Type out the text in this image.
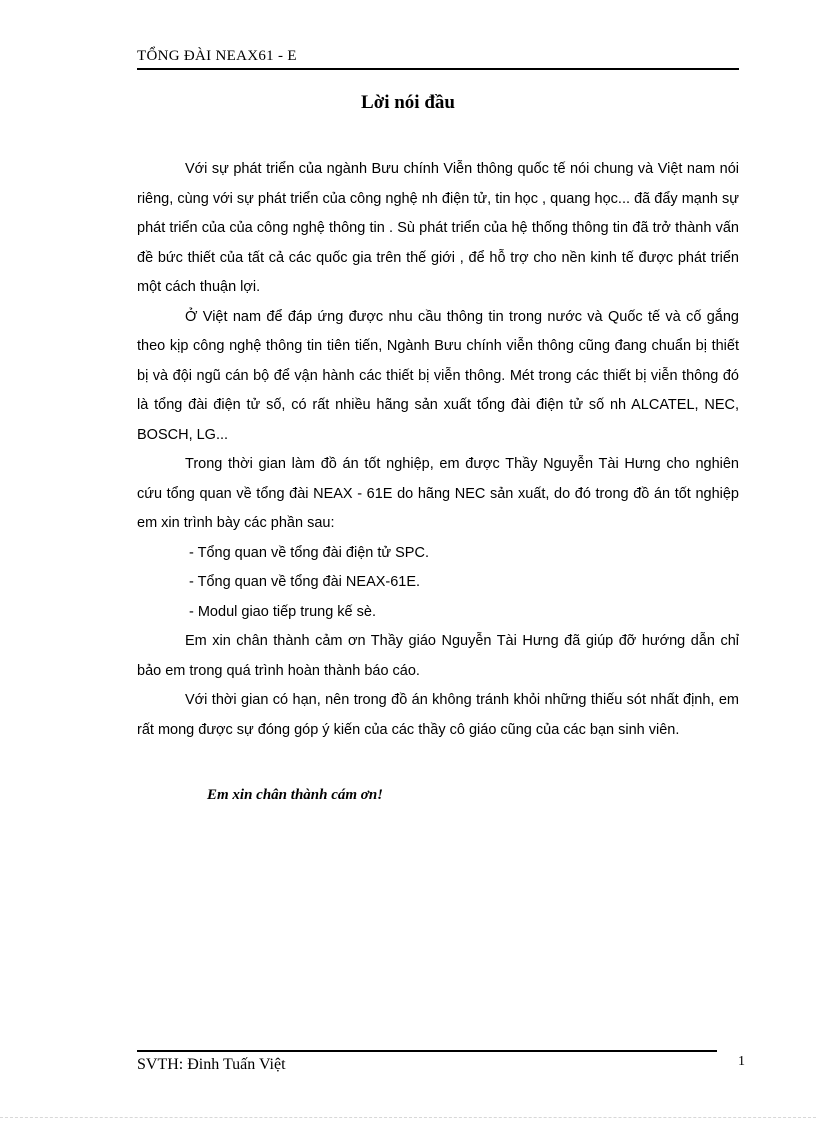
TỔNG ĐÀI NEAX61 - E
Lời nói đầu

Với sự phát triển của ngành Bưu chính Viễn thông quốc tế nói chung và Việt nam nói riêng, cùng với sự phát triển của công nghệ nh điện tử, tin học , quang học... đã đẩy mạnh sự phát triển của của công nghệ thông tin . Sù phát triển của hệ thống thông tin đã trở thành vấn đề bức thiết của tất cả các quốc gia trên thế giới , để hỗ trợ cho nền kinh tế được phát triển một cách thuận lợi.

Ở Việt nam để đáp ứng được nhu cầu thông tin trong nước và Quốc tế và cố gắng theo kịp công nghệ thông tin tiên tiến, Ngành Bưu chính viễn thông cũng đang chuẩn bị thiết bị và đội ngũ cán bộ để vận hành các thiết bị viễn thông. Mét trong các thiết bị viễn thông đó là tổng đài điện tử số, có rất nhiều hãng sản xuất tổng đài điện tử số nh ALCATEL, NEC, BOSCH, LG...

Trong thời gian làm đồ án tốt nghiệp, em được Thầy Nguyễn Tài Hưng cho nghiên cứu tổng quan về tổng đài NEAX - 61E do hãng NEC sản xuất, do đó trong đồ án tốt nghiệp em xin trình bày các phần sau:

- Tổng quan về tổng đài điện tử SPC.
- Tổng quan về tổng đài NEAX-61E.
- Modul giao tiếp trung kế sè.

Em xin chân thành cảm ơn Thầy giáo Nguyễn Tài Hưng đã giúp đỡ hướng dẫn chỉ bảo em trong quá trình hoàn thành báo cáo.

Với thời gian có hạn, nên trong đồ án không tránh khỏi những thiếu sót nhất định, em rất mong được sự đóng góp ý kiến của các thầy cô giáo cũng của các bạn sinh viên.

Em xin chân thành cám ơn!
SVTH: Đinh Tuấn Việt	1
